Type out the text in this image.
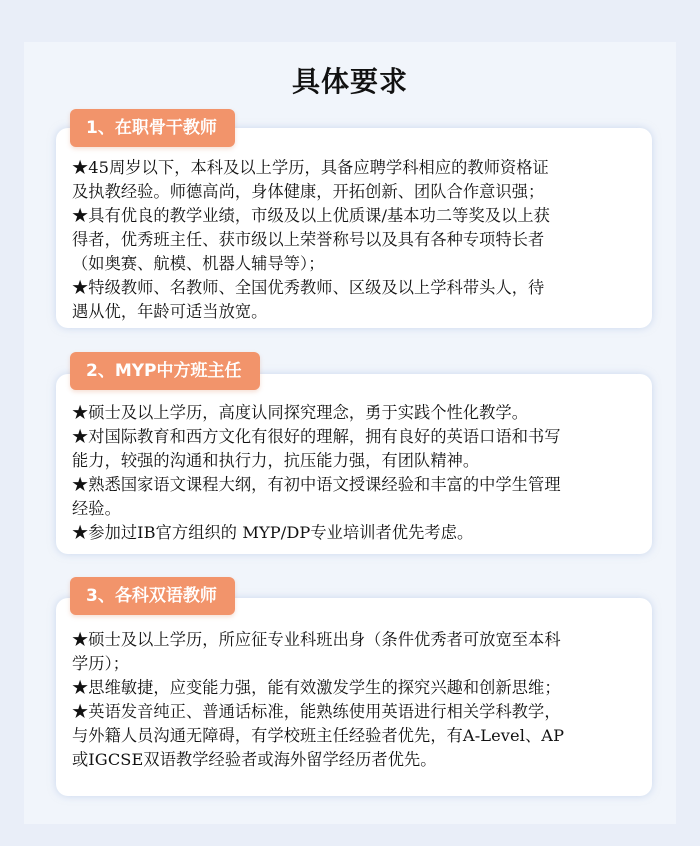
具体要求

★45周岁以下，本科及以上学历，具备应聘学科相应的教师资格证

及执教经验。师德高尚，身体健康，开拓创新、团队合作意识强；

★具有优良的教学业绩，市级及以上优质课/基本功二等奖及以上获

得者，优秀班主任、获市级以上荣誉称号以及具有各种专项特长者

（如奥赛、航模、机器人辅导等）；

★特级教师、名教师、全国优秀教师、区级及以上学科带头人，待

遇从优，年龄可适当放宽。

1、在职骨干教师

★硕士及以上学历，高度认同探究理念，勇于实践个性化教学。

★对国际教育和西方文化有很好的理解，拥有良好的英语口语和书写

能力，较强的沟通和执行力，抗压能力强，有团队精神。

★熟悉国家语文课程大纲，有初中语文授课经验和丰富的中学生管理

经验。

★参加过IB官方组织的 MYP/DP专业培训者优先考虑。

2、MYP中方班主任

★硕士及以上学历，所应征专业科班出身（条件优秀者可放宽至本科

学历）；

★思维敏捷，应变能力强，能有效激发学生的探究兴趣和创新思维；

★英语发音纯正、普通话标准，能熟练使用英语进行相关学科教学，

与外籍人员沟通无障碍，有学校班主任经验者优先，有A-Level、AP

或IGCSE双语教学经验者或海外留学经历者优先。

3、各科双语教师
